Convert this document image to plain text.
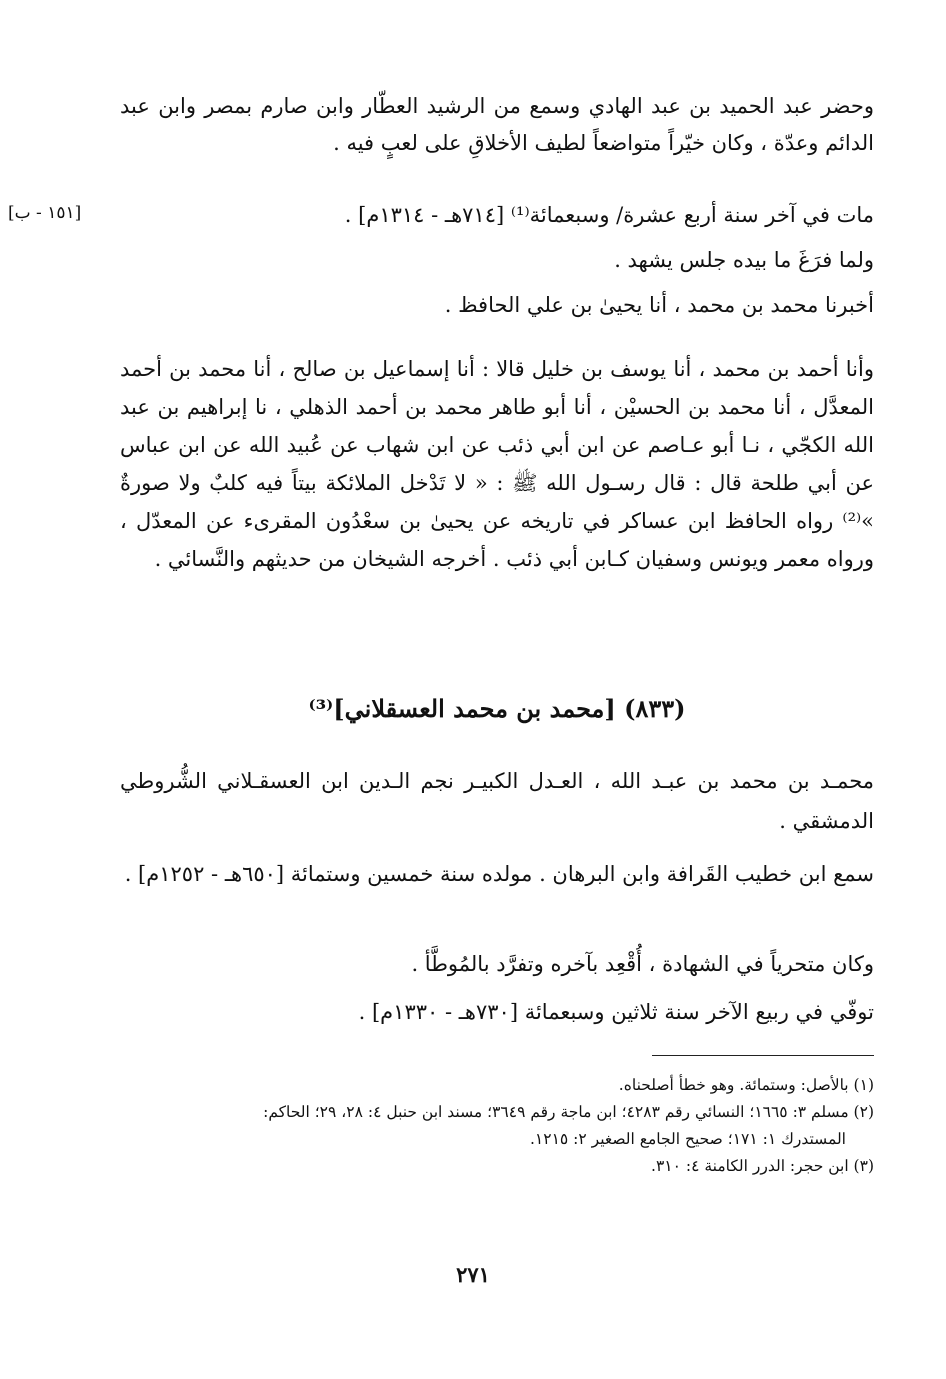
[١٥١ - ب]

وحضر عبد الحميد بن عبد الهادي وسمع من الرشيد العطّار وابن صارم بمصر وابن عبد الدائم وعدّة ، وكان خيّراً متواضعاً لطيف الأخلاقِ على لعبٍ فيه .

مات في آخر سنة أربع عشرة/ وسبعمائة⁽¹⁾ [٧١٤هـ - ١٣١٤م] .

ولما فرَغَ ما بيده جلس يشهد .

أخبرنا محمد بن محمد ، أنا يحيىٰ بن علي الحافظ .

وأنا أحمد بن محمد ، أنا يوسف بن خليل قالا : أنا إسماعيل بن صالح ، أنا محمد بن أحمد المعدَّل ، أنا محمد بن الحسيْن ، أنا أبو طاهر محمد بن أحمد الذهلي ، نا إبراهيم بن عبد الله الكجّي ، نـا أبو عـاصم عن ابن أبي ذئب عن ابن شهاب عن عُبيد الله عن ابن عباس عن أبي طلحة قال : قال رسـول الله ﷺ : « لا تَدْخل الملائكة بيتاً فيه كلبٌ ولا صورةٌ »⁽²⁾ رواه الحافظ ابن عساكر في تاريخه عن يحيىٰ بن سعْدُون المقرىء عن المعدّل ، ورواه معمر ويونس وسفيان كـابن أبي ذئب . أخرجه الشيخان من حديثهم والنَّسائي .

(٨٣٣) [محمد بن محمد العسقلاني]⁽³⁾

محمـد بن محمد بن عبـد الله ، العـدل الكبيـر نجم الـدين ابن العسقـلاني الشُّروطي الدمشقي .

سمع ابن خطيب القَرافة وابن البرهان . مولده سنة خمسين وستمائة [٦٥٠هـ - ١٢٥٢م] .

وكان متحرياً في الشهادة ، أُقْعِد بآخره وتفرَّد بالمُوطَّأ .

توفّي في ربيع الآخر سنة ثلاثين وسبعمائة [٧٣٠هـ - ١٣٣٠م] .

(١) بالأصل: وستمائة. وهو خطأ أصلحناه.

(٢) مسلم ٣: ١٦٦٥؛ النسائي رقم ٤٢٨٣؛ ابن ماجة رقم ٣٦٤٩؛ مسند ابن حنبل ٤: ٢٨، ٢٩؛ الحاكم:

المستدرك ١: ١٧١؛ صحيح الجامع الصغير ٢: ١٢١٥.

(٣) ابن حجر: الدرر الكامنة ٤: ٣١٠.

٢٧١
